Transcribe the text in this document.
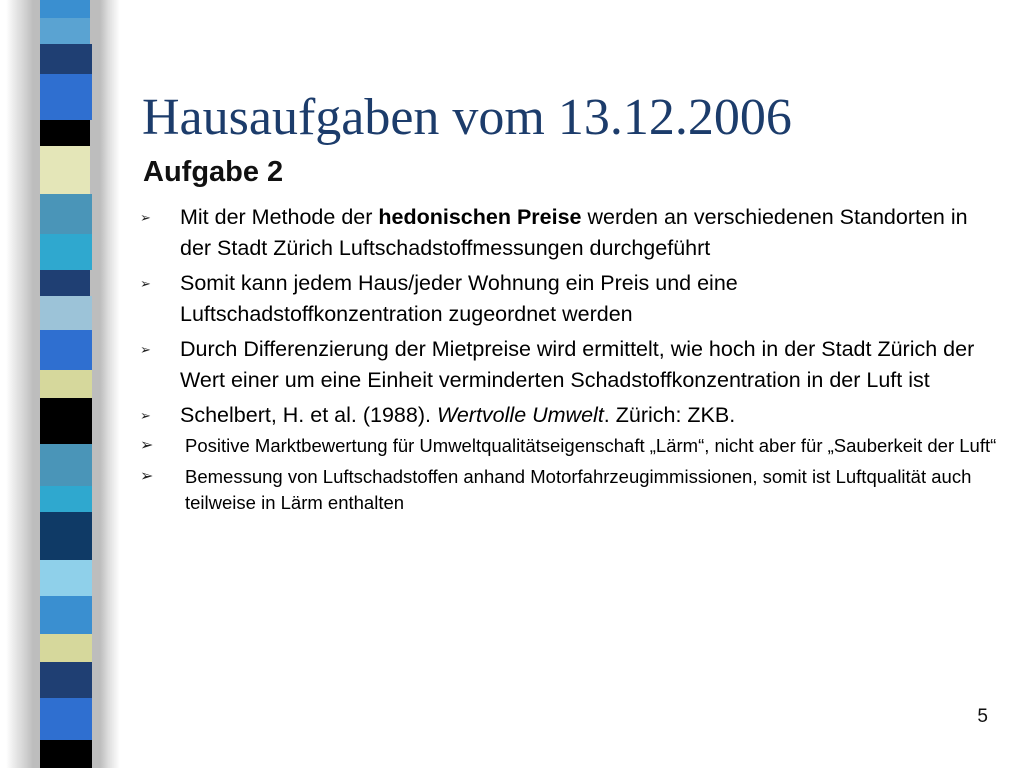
Hausaufgaben vom 13.12.2006
Aufgabe 2
➢ Mit der Methode der hedonischen Preise werden an verschiedenen Standorten in der Stadt Zürich Luftschadstoffmessungen durchgeführt
➢ Somit kann jedem Haus/jeder Wohnung ein Preis und eine Luftschadstoffkonzentration zugeordnet werden
➢ Durch Differenzierung der Mietpreise wird ermittelt, wie hoch in der Stadt Zürich der Wert einer um eine Einheit verminderten Schadstoffkonzentration in der Luft ist
➢ Schelbert, H. et al. (1988). Wertvolle Umwelt. Zürich: ZKB.
➢ Positive Marktbewertung für Umweltqualitätseigenschaft „Lärm“, nicht aber für „Sauberkeit der Luft“
➢ Bemessung von Luftschadstoffen anhand Motorfahrzeugimmissionen, somit ist Luftqualität auch teilweise in Lärm enthalten
5
